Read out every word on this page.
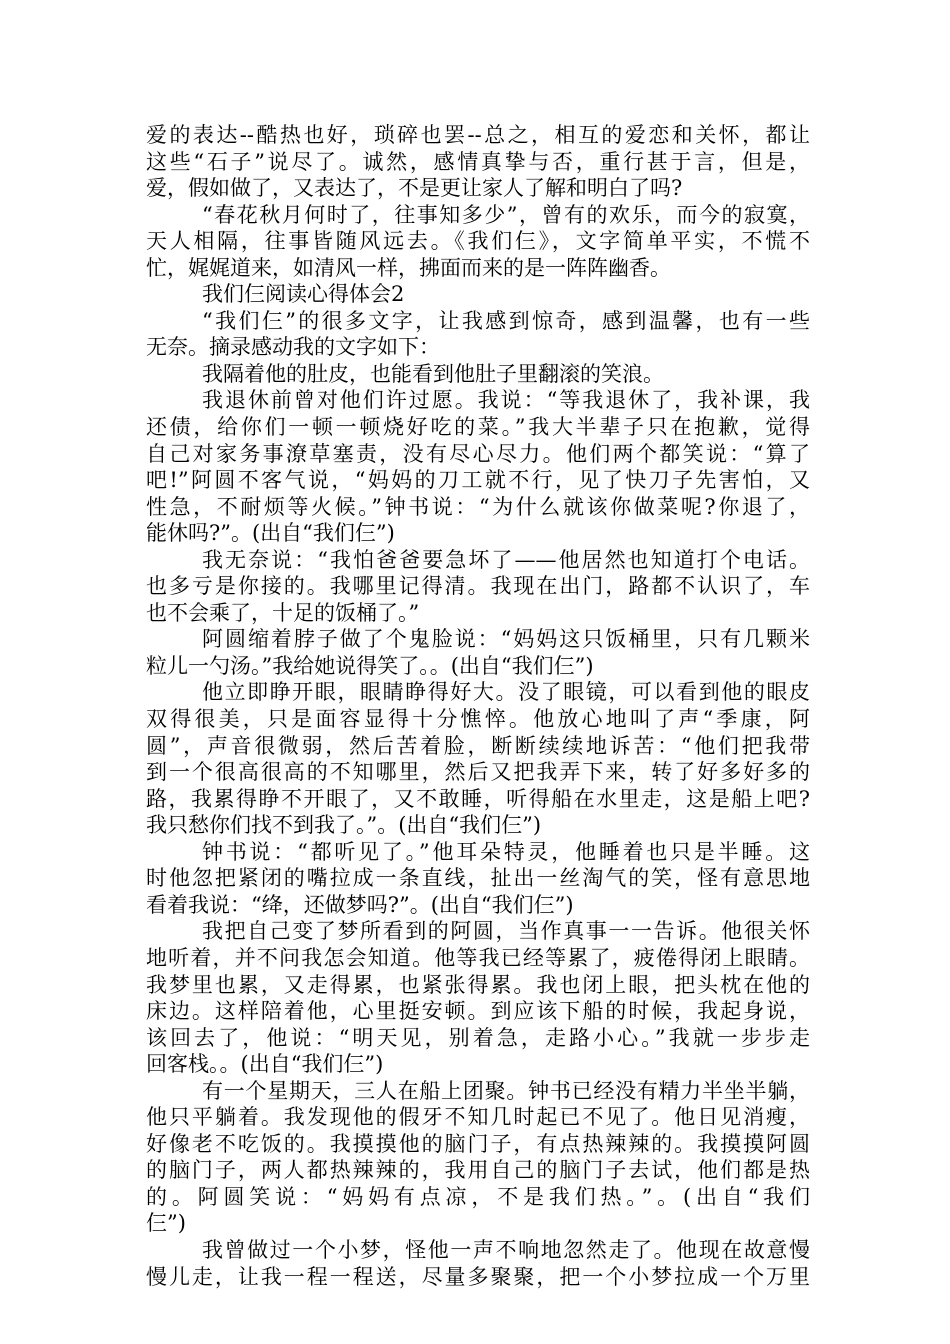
爱的表达--酷热也好，琐碎也罢--总之，相互的爱恋和关怀，都让
这些“石子”说尽了。诚然，感情真挚与否，重行甚于言，但是，
爱，假如做了，又表达了，不是更让家人了解和明白了吗?
“春花秋月何时了，往事知多少”，曾有的欢乐，而今的寂寞，
天人相隔，往事皆随风远去。《我们仨》，文字简单平实，不慌不
忙，娓娓道来，如清风一样，拂面而来的是一阵阵幽香。
我们仨阅读心得体会2
“我们仨”的很多文字，让我感到惊奇，感到温馨，也有一些
无奈。摘录感动我的文字如下：
我隔着他的肚皮，也能看到他肚子里翻滚的笑浪。
我退休前曾对他们许过愿。我说：“等我退休了，我补课，我
还债，给你们一顿一顿烧好吃的菜。”我大半辈子只在抱歉，觉得
自己对家务事潦草塞责，没有尽心尽力。他们两个都笑说：“算了
吧!”阿圆不客气说，“妈妈的刀工就不行，见了快刀子先害怕，又
性急，不耐烦等火候。”钟书说：“为什么就该你做菜呢?你退了，
能休吗?”。(出自“我们仨”)
我无奈说：“我怕爸爸要急坏了——他居然也知道打个电话。
也多亏是你接的。我哪里记得清。我现在出门，路都不认识了，车
也不会乘了，十足的饭桶了。”
阿圆缩着脖子做了个鬼脸说：“妈妈这只饭桶里，只有几颗米
粒儿一勺汤。”我给她说得笑了。。(出自“我们仨”)
他立即睁开眼，眼睛睁得好大。没了眼镜，可以看到他的眼皮
双得很美，只是面容显得十分憔悴。他放心地叫了声“季康，阿
圆”，声音很微弱，然后苦着脸，断断续续地诉苦：“他们把我带
到一个很高很高的不知哪里，然后又把我弄下来，转了好多好多的
路，我累得睁不开眼了，又不敢睡，听得船在水里走，这是船上吧?
我只愁你们找不到我了。”。(出自“我们仨”)
钟书说：“都听见了。”他耳朵特灵，他睡着也只是半睡。这
时他忽把紧闭的嘴拉成一条直线，扯出一丝淘气的笑，怪有意思地
看着我说：“绛，还做梦吗?”。(出自“我们仨”)
我把自己变了梦所看到的阿圆，当作真事一一告诉。他很关怀
地听着，并不问我怎会知道。他等我已经等累了，疲倦得闭上眼睛。
我梦里也累，又走得累，也紧张得累。我也闭上眼，把头枕在他的
床边。这样陪着他，心里挺安顿。到应该下船的时候，我起身说，
该回去了，他说：“明天见，别着急，走路小心。”我就一步步走
回客栈。。(出自“我们仨”)
有一个星期天，三人在船上团聚。钟书已经没有精力半坐半躺，
他只平躺着。我发现他的假牙不知几时起已不见了。他日见消瘦，
好像老不吃饭的。我摸摸他的脑门子，有点热辣辣的。我摸摸阿圆
的脑门子，两人都热辣辣的，我用自己的脑门子去试，他们都是热
的。阿圆笑说：“妈妈有点凉，不是我们热。”。(出自“我们
仨”)
我曾做过一个小梦，怪他一声不响地忽然走了。他现在故意慢
慢儿走，让我一程一程送，尽量多聚聚，把一个小梦拉成一个万里
